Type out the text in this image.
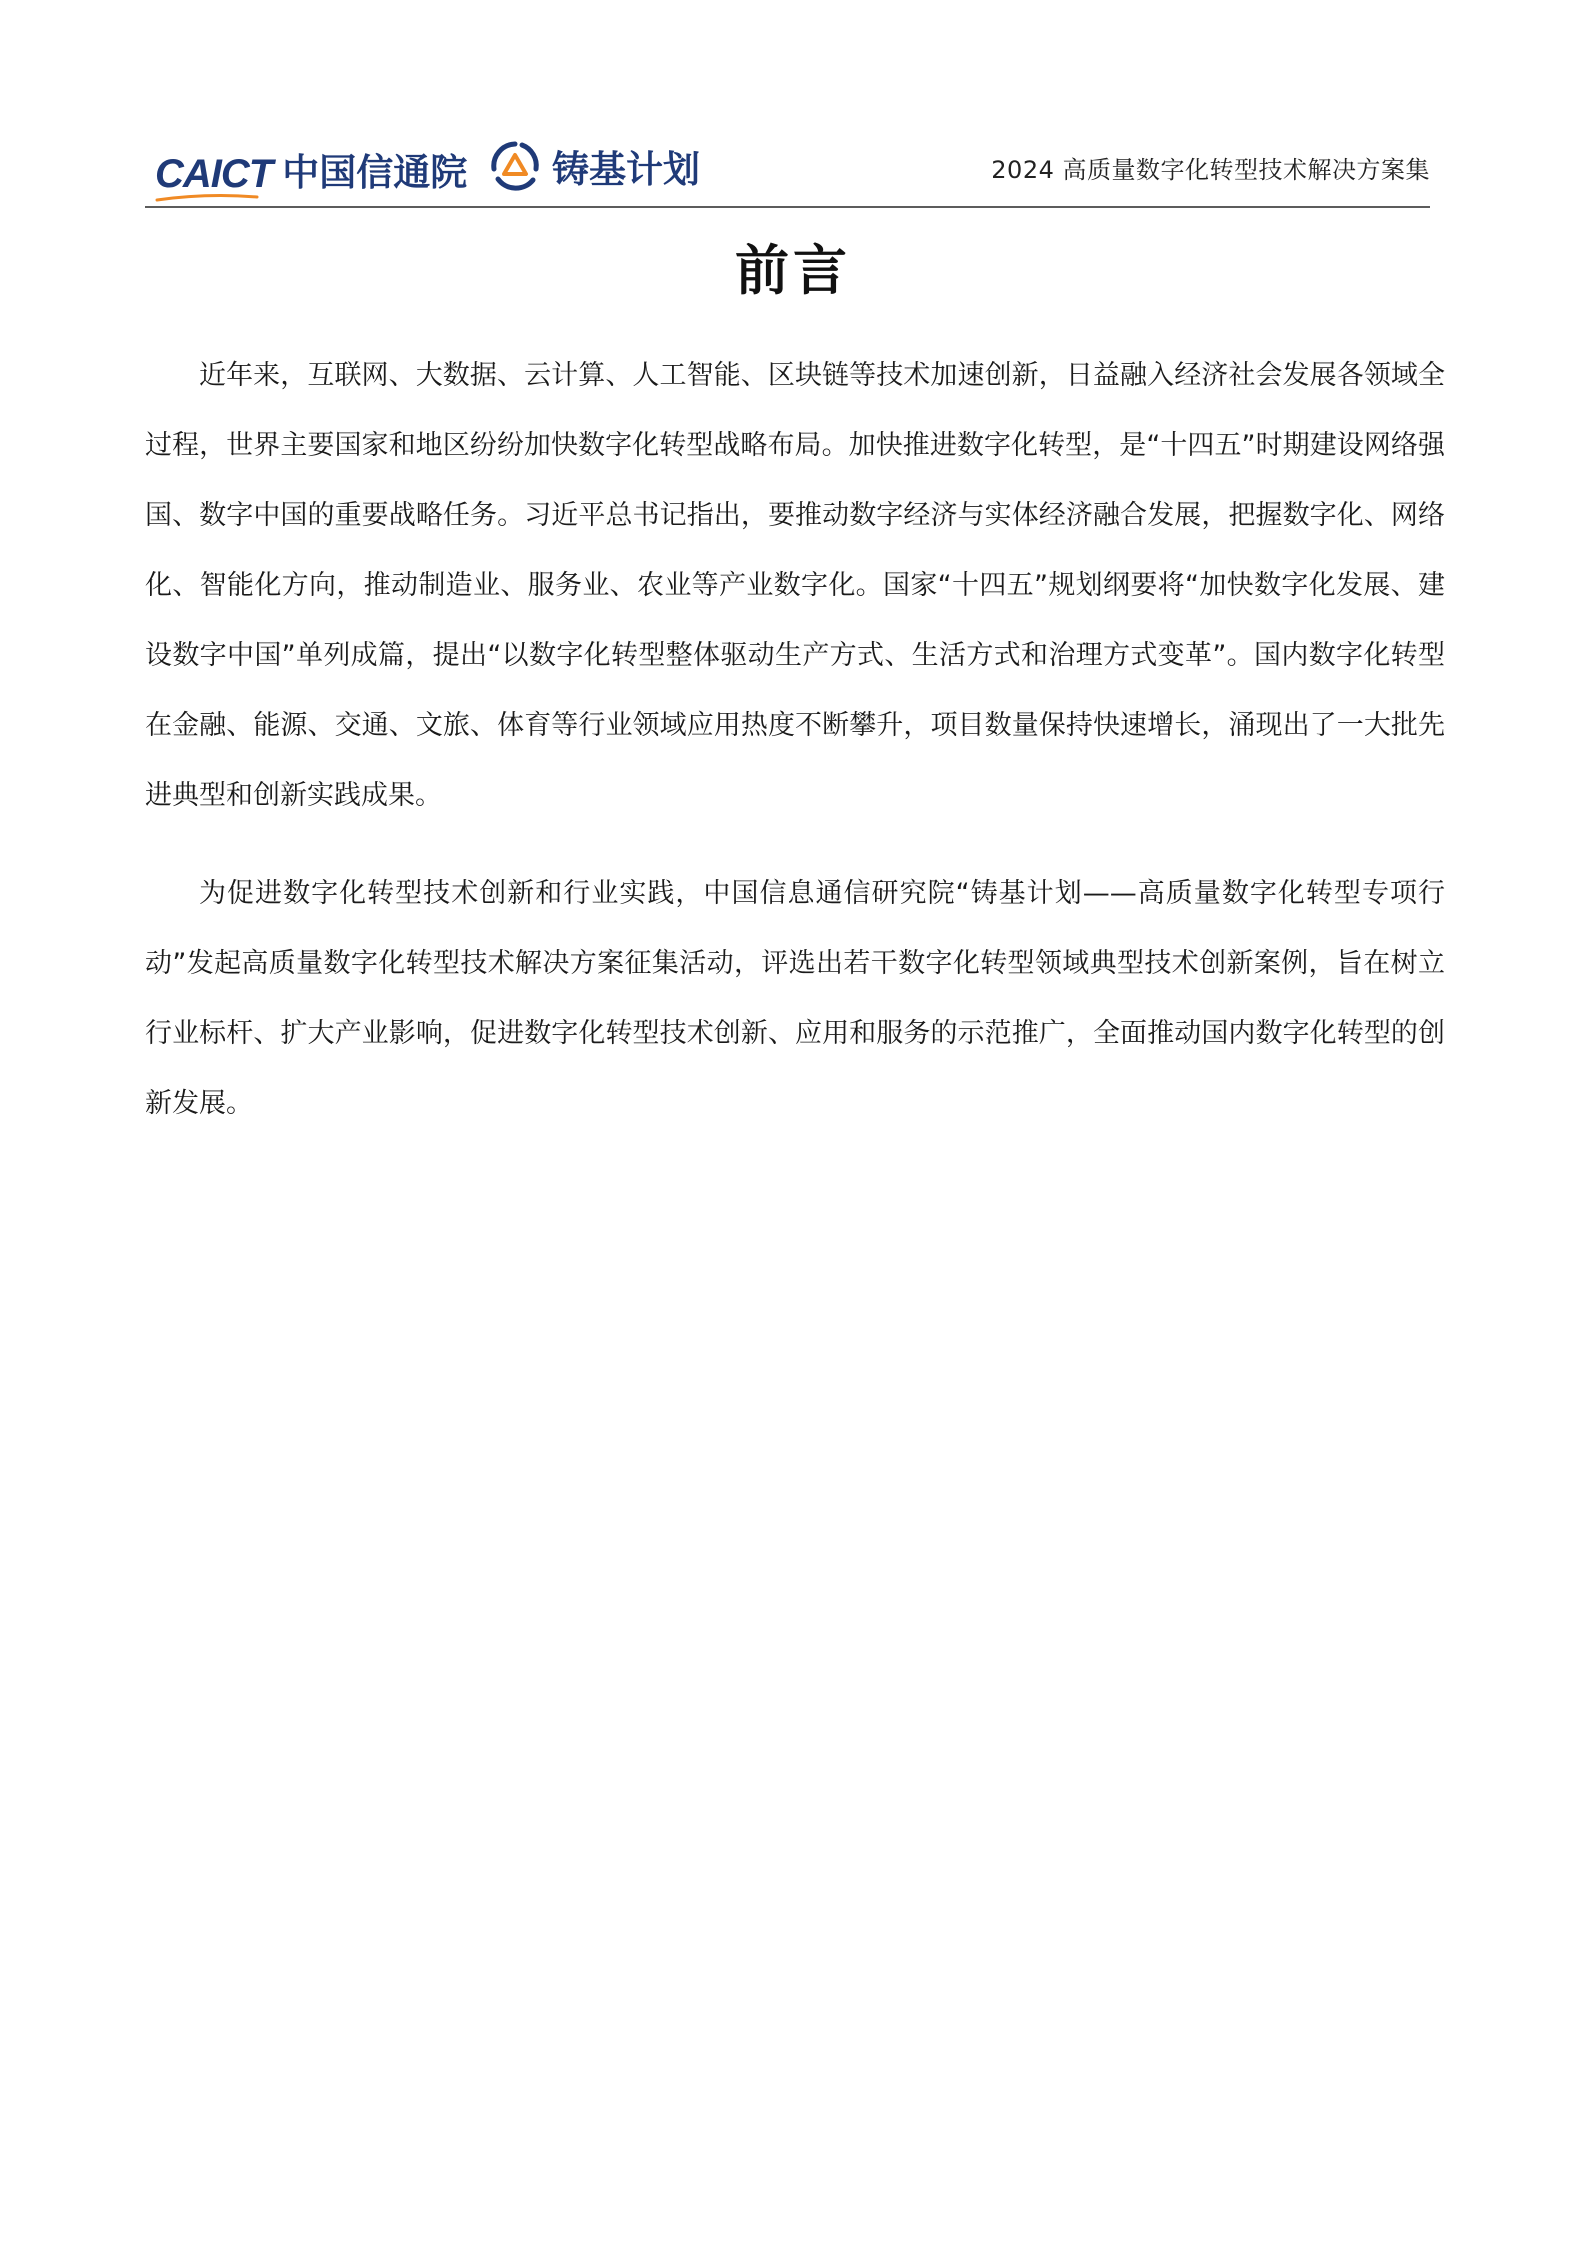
CAICT 中国信通院 铸基计划	2024 高质量数字化转型技术解决方案集
前言

近年来，互联网、大数据、云计算、人工智能、区块链等技术加速创新，日益融入经济社会发展各领域全过程，世界主要国家和地区纷纷加快数字化转型战略布局。加快推进数字化转型，是“十四五”时期建设网络强国、数字中国的重要战略任务。习近平总书记指出，要推动数字经济与实体经济融合发展，把握数字化、网络化、智能化方向，推动制造业、服务业、农业等产业数字化。国家“十四五”规划纲要将“加快数字化发展、建设数字中国”单列成篇，提出“以数字化转型整体驱动生产方式、生活方式和治理方式变革”。国内数字化转型在金融、能源、交通、文旅、体育等行业领域应用热度不断攀升，项目数量保持快速增长，涌现出了一大批先进典型和创新实践成果。

为促进数字化转型技术创新和行业实践，中国信息通信研究院“铸基计划——高质量数字化转型专项行动”发起高质量数字化转型技术解决方案征集活动，评选出若干数字化转型领域典型技术创新案例，旨在树立行业标杆、扩大产业影响，促进数字化转型技术创新、应用和服务的示范推广，全面推动国内数字化转型的创新发展。
